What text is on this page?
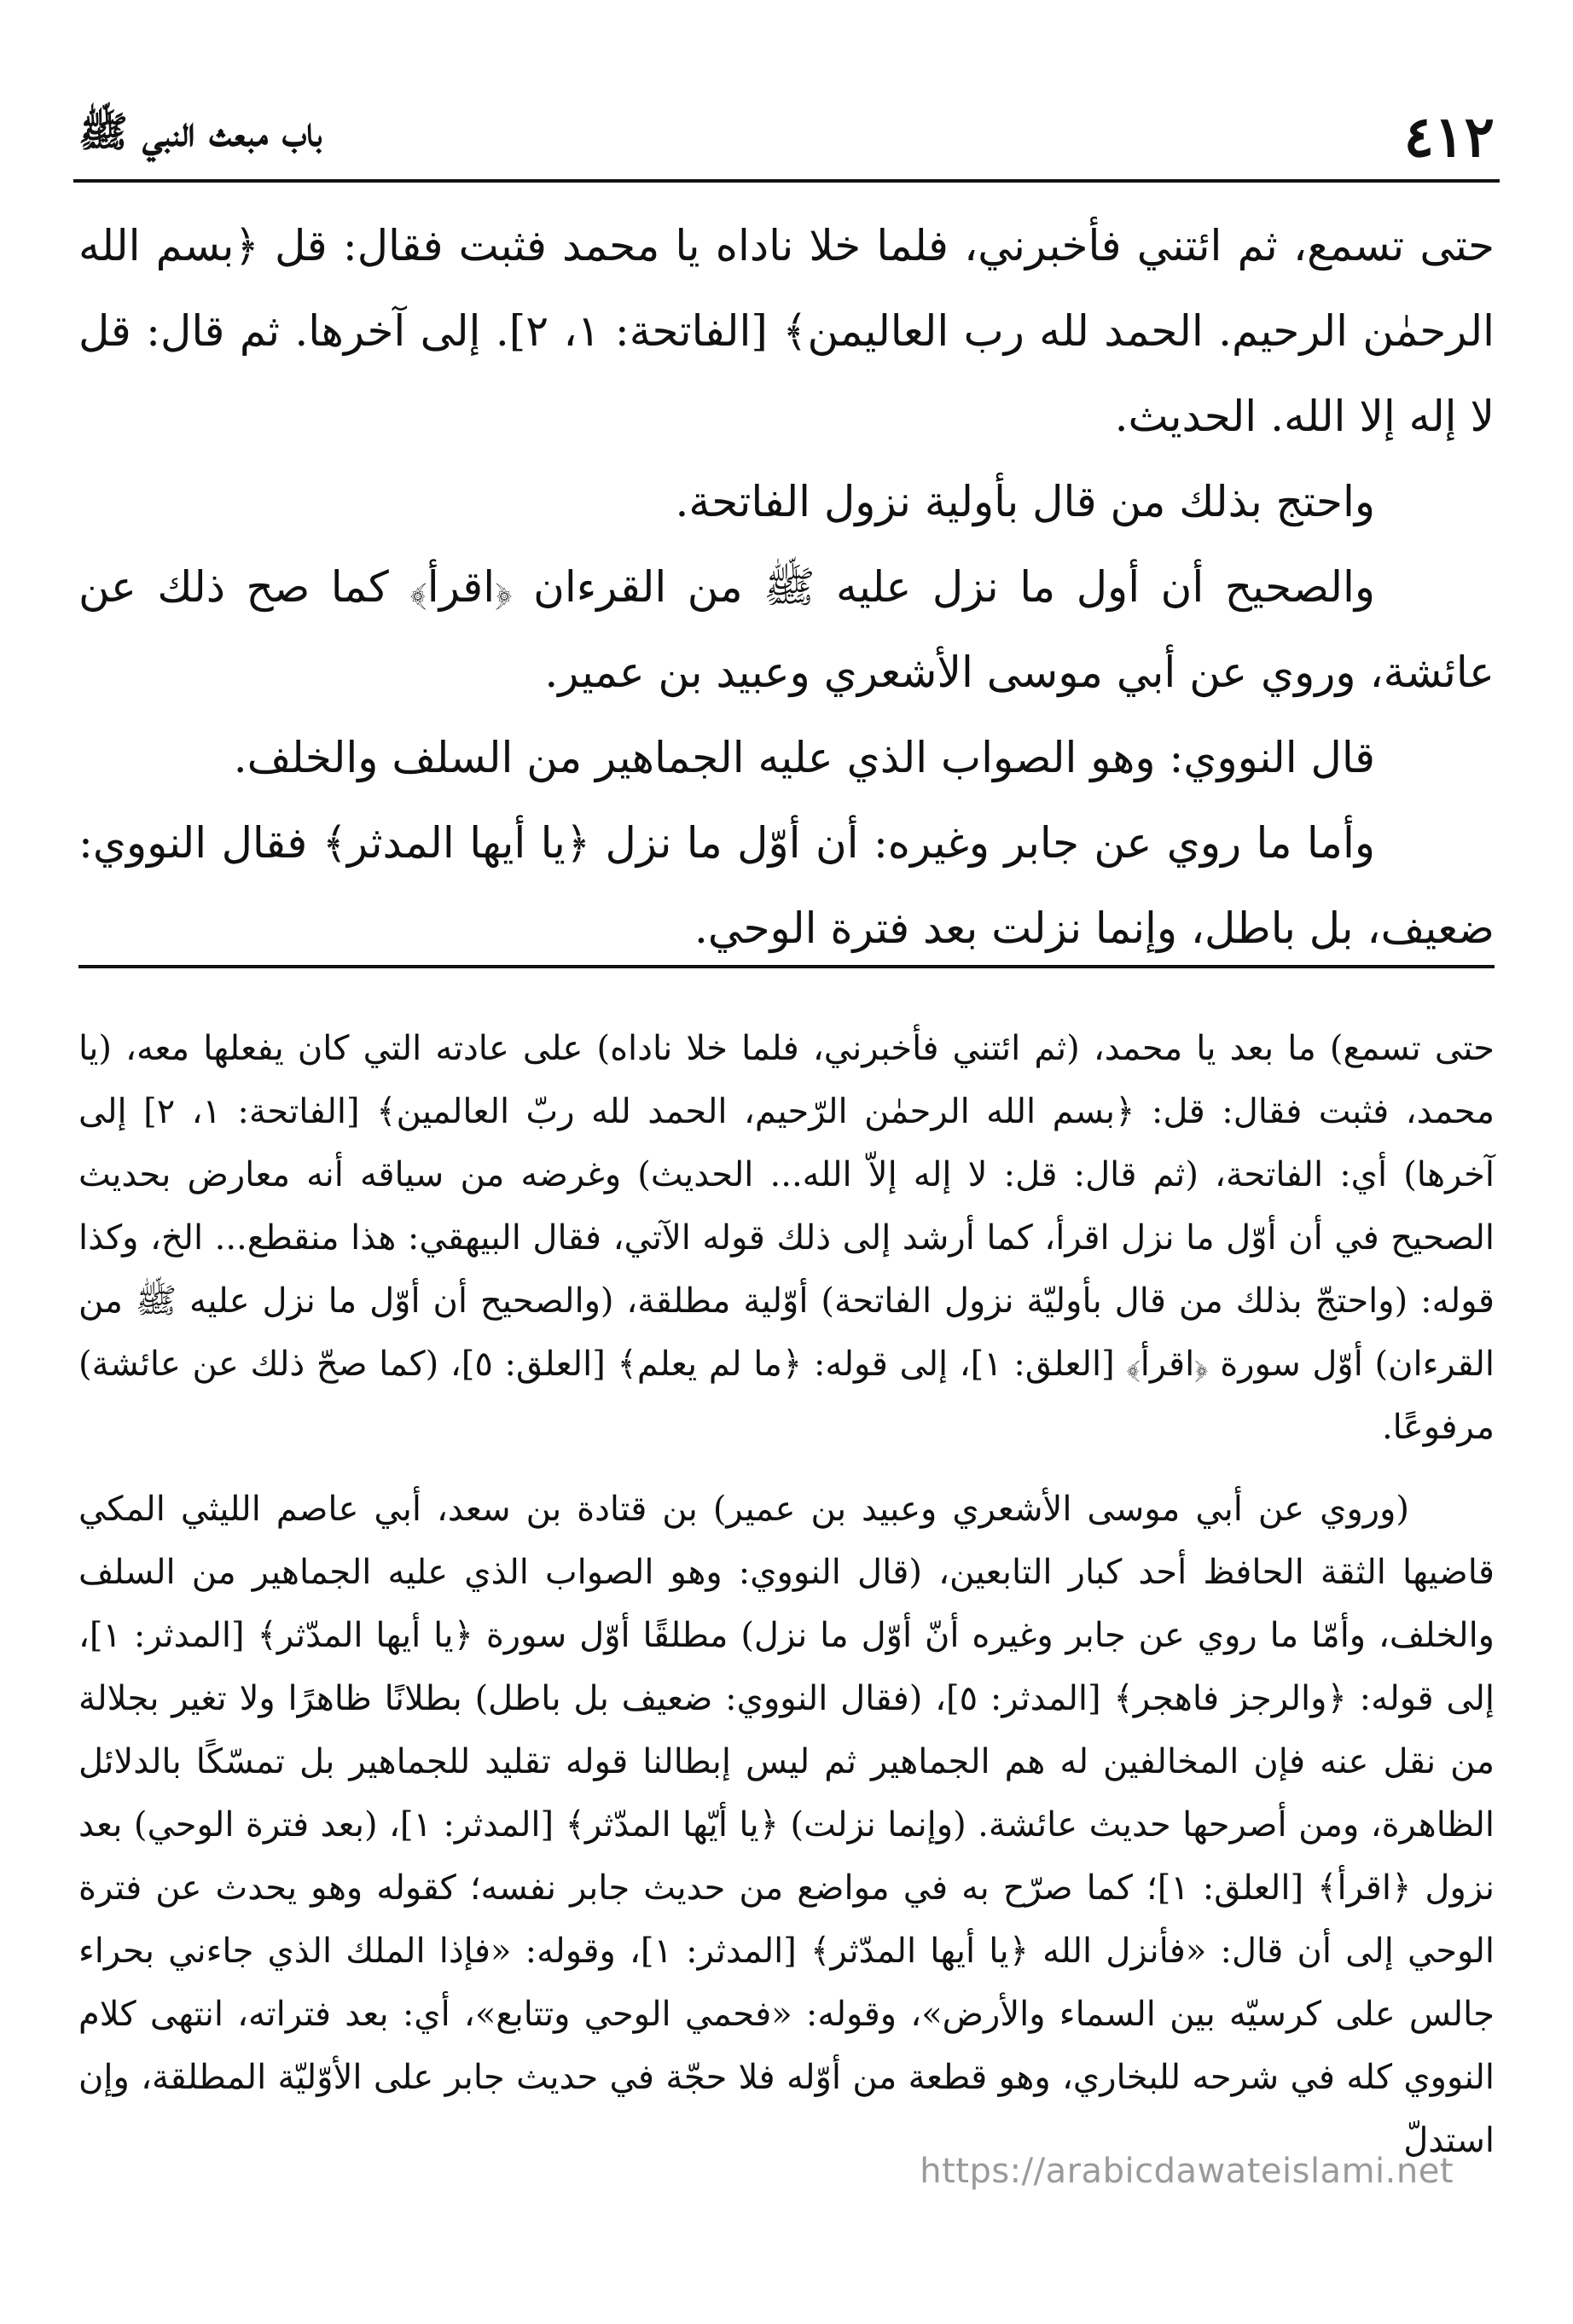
٤١٢
باب مبعث النبي ﷺ

حتى تسمع، ثم ائتني فأخبرني، فلما خلا ناداه يا محمد فثبت فقال: قل ﴿بسم الله الرحمٰن الرحيم. الحمد لله رب العاليمن﴾ [الفاتحة: ١، ٢]. إلى آخرها. ثم قال: قل لا إله إلا الله. الحديث.

واحتج بذلك من قال بأولية نزول الفاتحة.

والصحيح أن أول ما نزل عليه ﷺ من القرءان ﴿اقرأ﴾ كما صح ذلك عن عائشة، وروي عن أبي موسى الأشعري وعبيد بن عمير.

قال النووي: وهو الصواب الذي عليه الجماهير من السلف والخلف.

وأما ما روي عن جابر وغيره: أن أوّل ما نزل ﴿يا أيها المدثر﴾ فقال النووي: ضعيف، بل باطل، وإنما نزلت بعد فترة الوحي.

حتى تسمع) ما بعد يا محمد، (ثم ائتني فأخبرني، فلما خلا ناداه) على عادته التي كان يفعلها معه، (يا محمد، فثبت فقال: قل: ﴿بسم الله الرحمٰن الرّحيم، الحمد لله ربّ العالمين﴾ [الفاتحة: ١، ٢] إلى آخرها) أي: الفاتحة، (ثم قال: قل: لا إله إلاّ الله... الحديث) وغرضه من سياقه أنه معارض بحديث الصحيح في أن أوّل ما نزل اقرأ، كما أرشد إلى ذلك قوله الآتي، فقال البيهقي: هذا منقطع... الخ، وكذا قوله: (واحتجّ بذلك من قال بأوليّة نزول الفاتحة) أوّلية مطلقة، (والصحيح أن أوّل ما نزل عليه ﷺ من القرءان) أوّل سورة ﴿اقرأ﴾ [العلق: ١]، إلى قوله: ﴿ما لم يعلم﴾ [العلق: ٥]، (كما صحّ ذلك عن عائشة) مرفوعًا.

(وروي عن أبي موسى الأشعري وعبيد بن عمير) بن قتادة بن سعد، أبي عاصم الليثي المكي قاضيها الثقة الحافظ أحد كبار التابعين، (قال النووي: وهو الصواب الذي عليه الجماهير من السلف والخلف، وأمّا ما روي عن جابر وغيره أنّ أوّل ما نزل) مطلقًا أوّل سورة ﴿يا أيها المدّثر﴾ [المدثر: ١]، إلى قوله: ﴿والرجز فاهجر﴾ [المدثر: ٥]، (فقال النووي: ضعيف بل باطل) بطلانًا ظاهرًا ولا تغير بجلالة من نقل عنه فإن المخالفين له هم الجماهير ثم ليس إبطالنا قوله تقليد للجماهير بل تمسّكًا بالدلائل الظاهرة، ومن أصرحها حديث عائشة. (وإنما نزلت) ﴿يا أيّها المدّثر﴾ [المدثر: ١]، (بعد فترة الوحي) بعد نزول ﴿اقرأ﴾ [العلق: ١]؛ كما صرّح به في مواضع من حديث جابر نفسه؛ كقوله وهو يحدث عن فترة الوحي إلى أن قال: «فأنزل الله ﴿يا أيها المدّثر﴾ [المدثر: ١]، وقوله: «فإذا الملك الذي جاءني بحراء جالس على كرسيّه بين السماء والأرض»، وقوله: «فحمي الوحي وتتابع»، أي: بعد فتراته، انتهى كلام النووي كله في شرحه للبخاري، وهو قطعة من أوّله فلا حجّة في حديث جابر على الأوّليّة المطلقة، وإن استدلّ

https://arabicdawateislami.net
